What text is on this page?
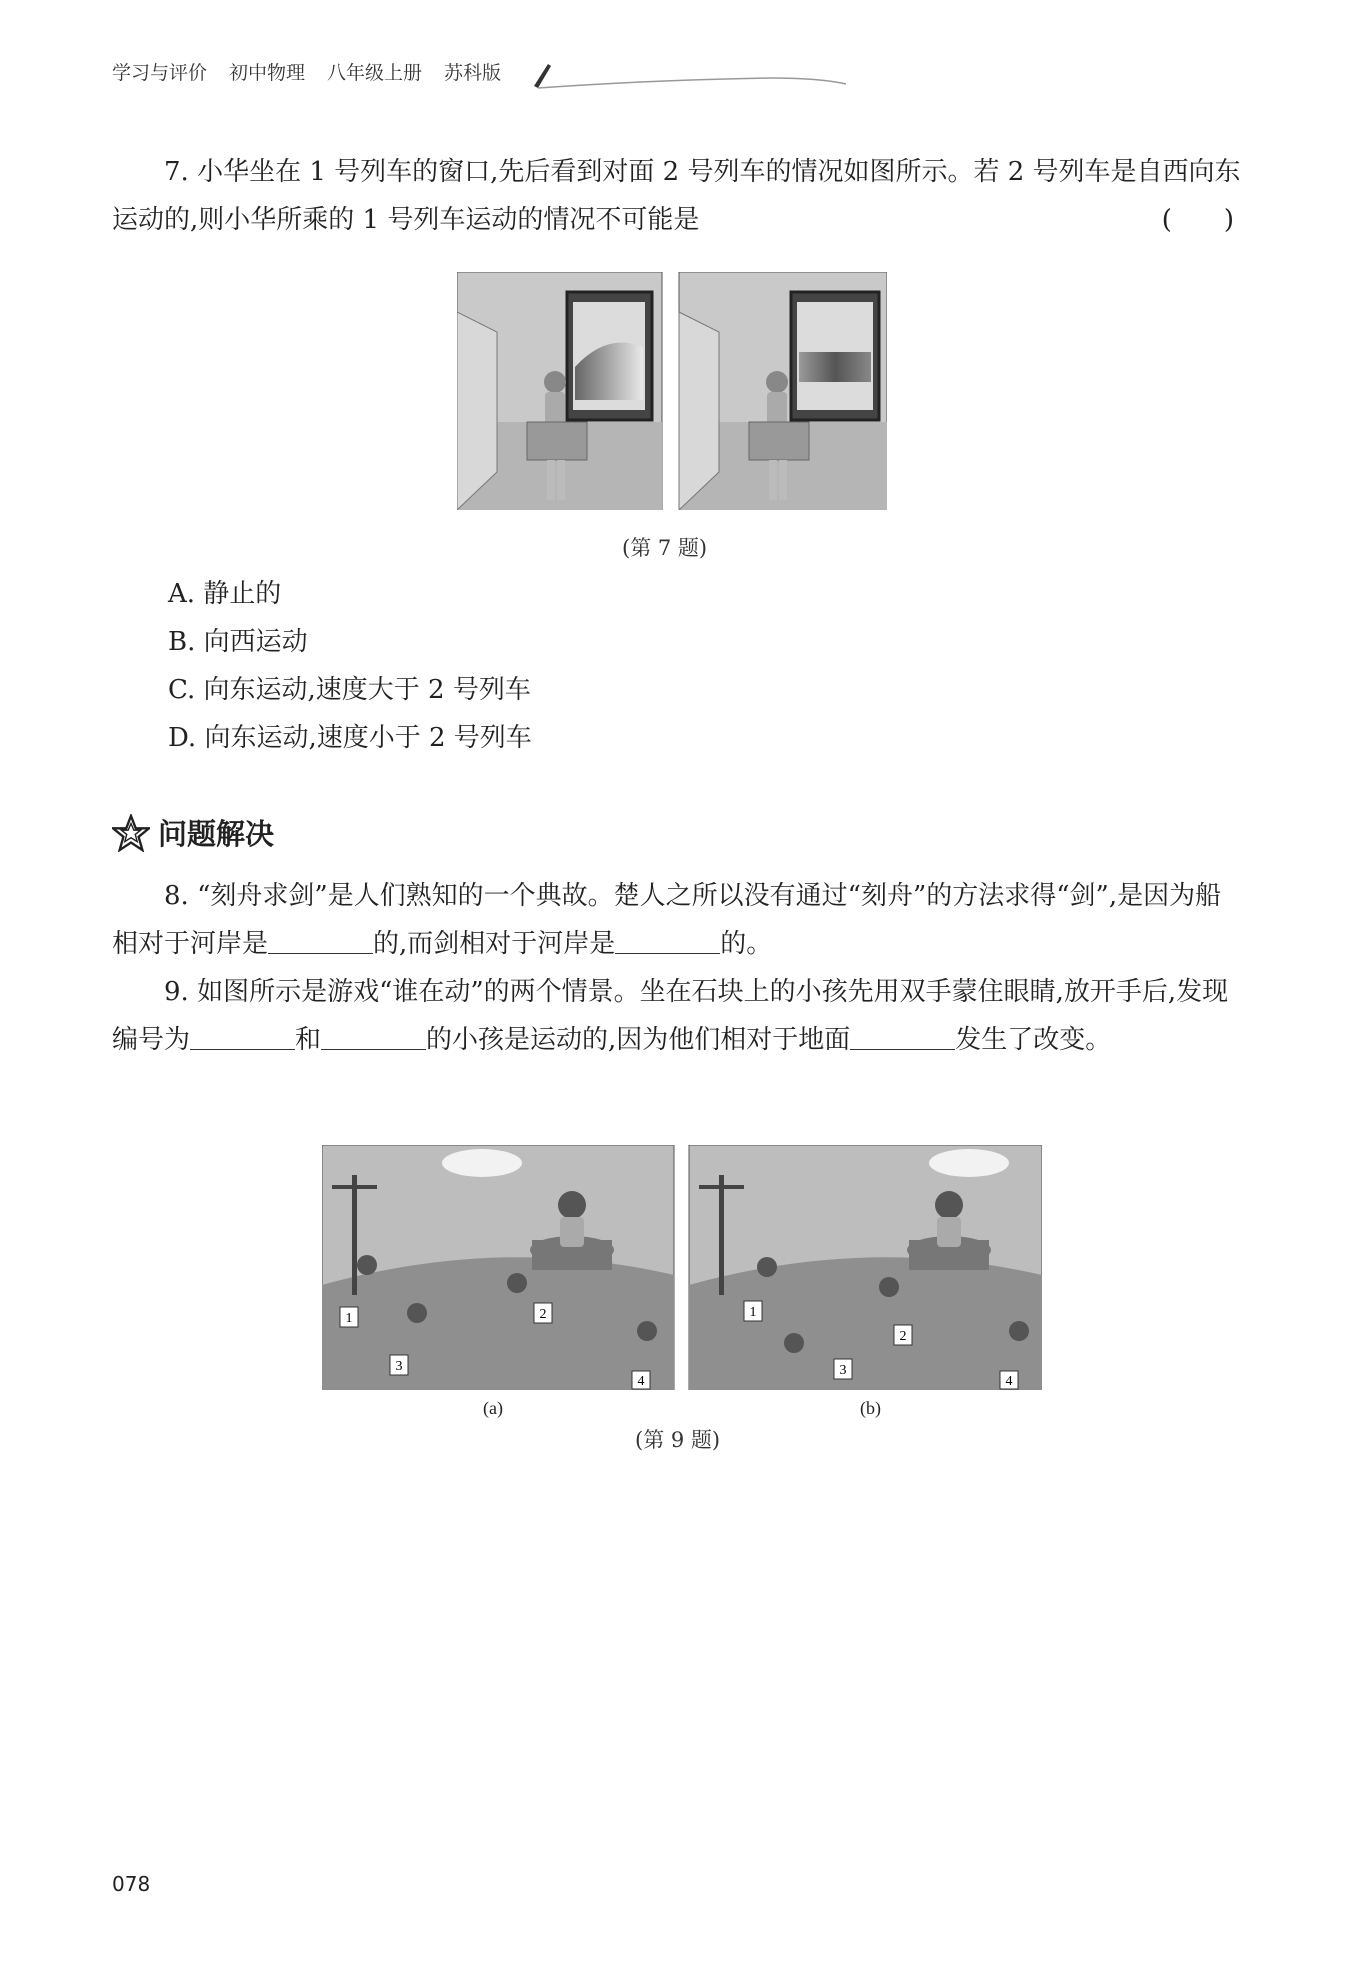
学习与评价 初中物理 八年级上册 苏科版

7. 小华坐在 1 号列车的窗口,先后看到对面 2 号列车的情况如图所示。若 2 号列车是自西向东运动的,则小华所乘的 1 号列车运动的情况不可能是	(　　)

(第 7 题)
A. 静止的
B. 向西运动
C. 向东运动,速度大于 2 号列车
D. 向东运动,速度小于 2 号列车
问题解决

8. “刻舟求剑”是人们熟知的一个典故。楚人之所以没有通过“刻舟”的方法求得“剑”,是因为船相对于河岸是	的,而剑相对于河岸是	的。

9. 如图所示是游戏“谁在动”的两个情景。坐在石块上的小孩先用双手蒙住眼睛,放开手后,发现编号为	和	的小孩是运动的,因为他们相对于地面	发生了改变。

1	2
3
4
1
2
3
4
(a)	(b)
(第 9 题)
078
